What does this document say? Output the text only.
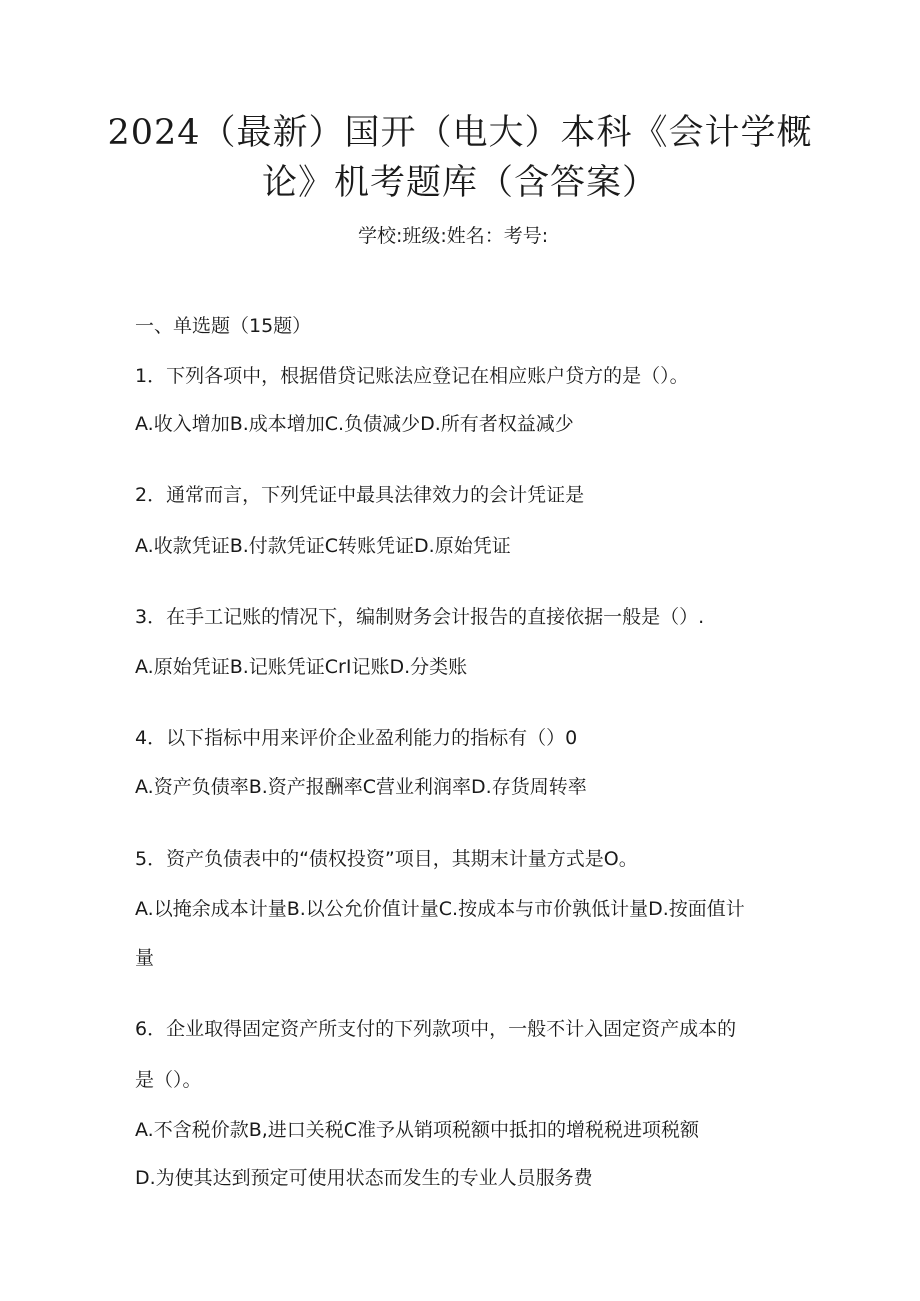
2024（最新）国开（电大）本科《会计学概
论》机考题库（含答案）
学校:班级:姓名：考号:
一、单选题（15题）
1．下列各项中，根据借贷记账法应登记在相应账户贷方的是（）。
A.收入增加B.成本增加C.负债减少D.所有者权益减少
2．通常而言，下列凭证中最具法律效力的会计凭证是
A.收款凭证B.付款凭证C转账凭证D.原始凭证
3．在手工记账的情况下，编制财务会计报告的直接依据一般是（）.
A.原始凭证B.记账凭证CrI记账D.分类账
4．以下指标中用来评价企业盈利能力的指标有（）0
A.资产负债率B.资产报酬率C营业利润率D.存货周转率
5．资产负债表中的“债权投资”项目，其期末计量方式是O。
A.以掩余成本计量B.以公允价值计量C.按成本与市价孰低计量D.按面值计
量
6．企业取得固定资产所支付的下列款项中，一般不计入固定资产成本的
是（）。
A.不含税价款B,进口关税C准予从销项税额中抵扣的增税税进项税额
D.为使其达到预定可使用状态而发生的专业人员服务费
